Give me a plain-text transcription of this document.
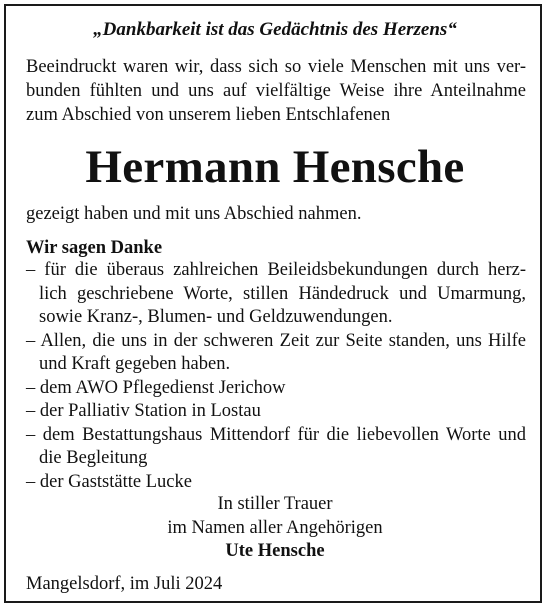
„Dankbarkeit ist das Gedächtnis des Herzens“
Beeindruckt waren wir, dass sich so viele Menschen mit uns ver-
bunden fühlten und uns auf vielfältige Weise ihre Anteilnahme
zum Abschied von unserem lieben Entschlafenen
Hermann Hensche
gezeigt haben und mit uns Abschied nahmen.
Wir sagen Danke
– für die überaus zahlreichen Beileidsbekundungen durch herz-
lich geschriebene Worte, stillen Händedruck und Umarmung,
sowie Kranz-, Blumen- und Geldzuwendungen.
– Allen, die uns in der schweren Zeit zur Seite standen, uns Hilfe
und Kraft gegeben haben.
– dem AWO Pflegedienst Jerichow
– der Palliativ Station in Lostau
– dem Bestattungshaus Mittendorf für die liebevollen Worte und
die Begleitung
– der Gaststätte Lucke
In stiller Trauer
im Namen aller Angehörigen
Ute Hensche
Mangelsdorf, im Juli 2024
